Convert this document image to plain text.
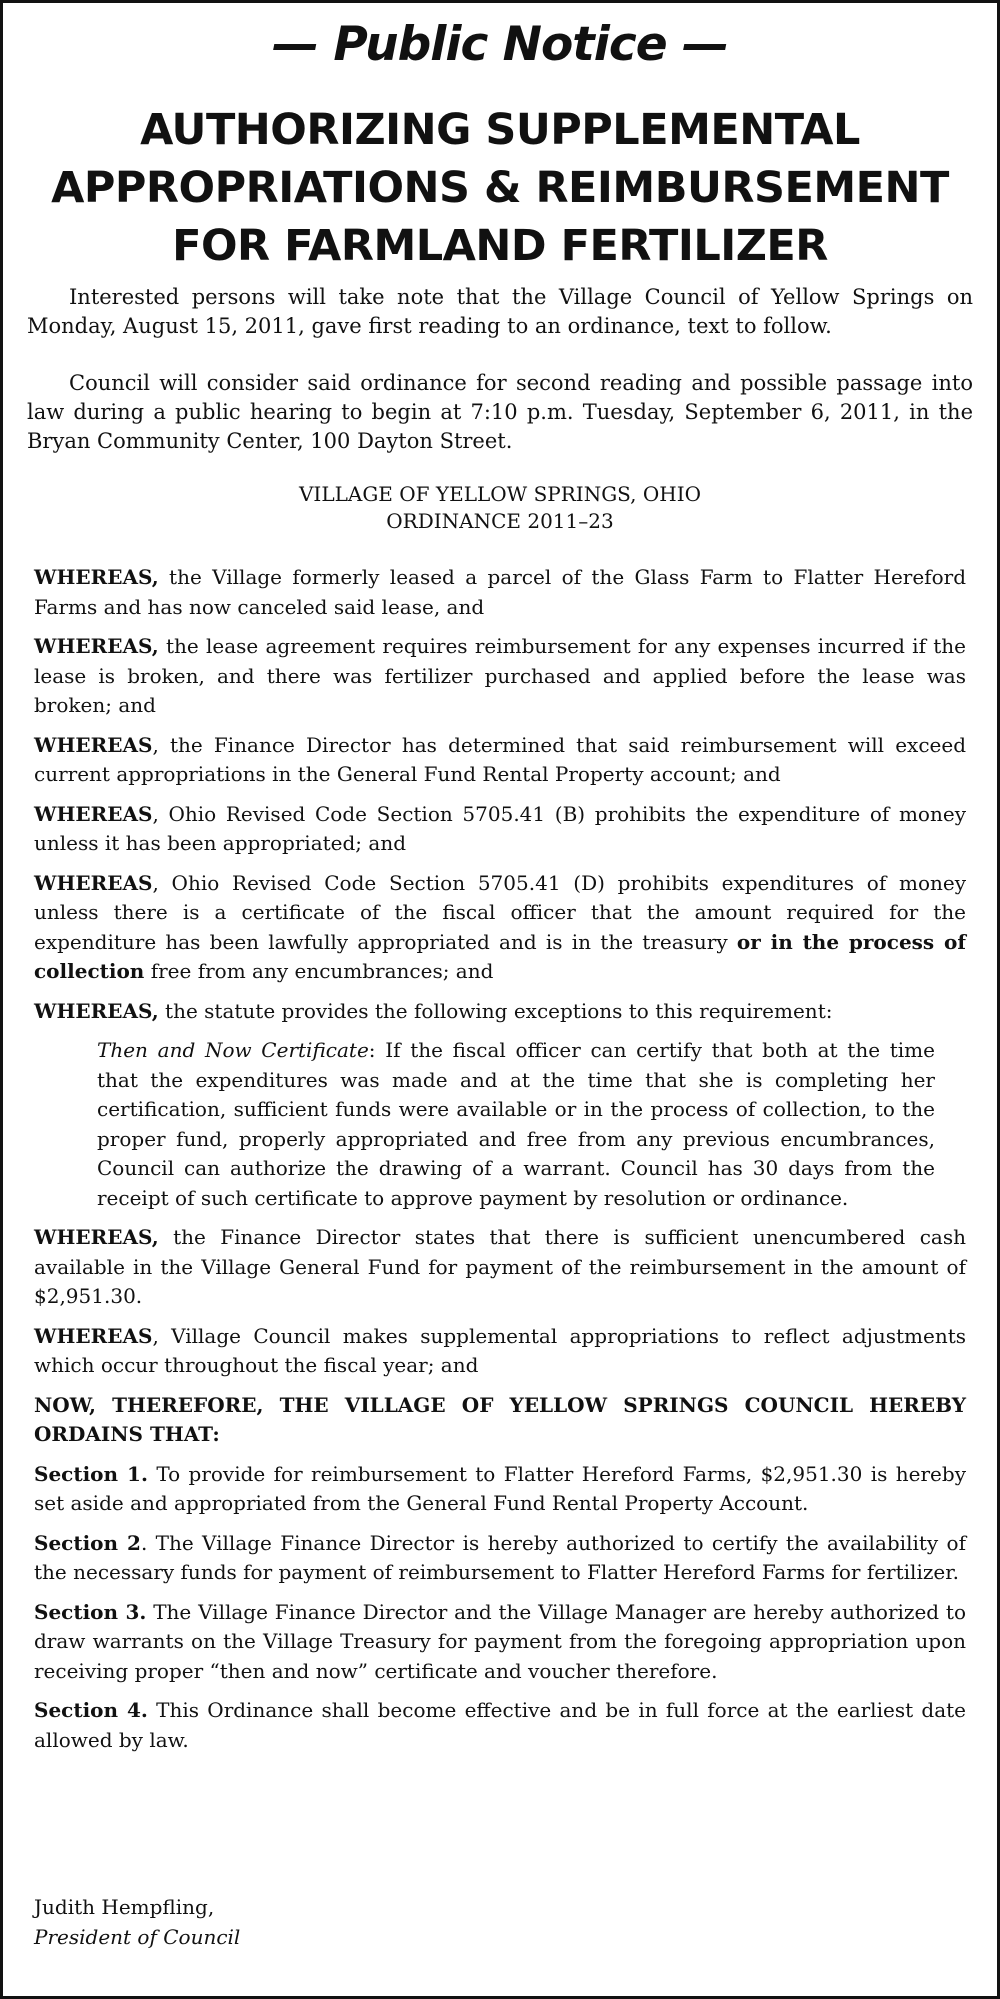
— Public Notice —
AUTHORIZING SUPPLEMENTAL
APPROPRIATIONS & REIMBURSEMENT
FOR FARMLAND FERTILIZER

Interested persons will take note that the Village Council of Yellow Springs on Monday, August 15, 2011, gave first reading to an ordinance, text to follow.

Council will consider said ordinance for second reading and possible passage into law during a public hearing to begin at 7:10 p.m. Tuesday, September 6, 2011, in the Bryan Community Center, 100 Dayton Street.

VILLAGE OF YELLOW SPRINGS, OHIO
ORDINANCE 2011–23

WHEREAS, the Village formerly leased a parcel of the Glass Farm to Flatter Hereford Farms and has now canceled said lease, and

WHEREAS, the lease agreement requires reimbursement for any expenses incurred if the lease is broken, and there was fertilizer purchased and applied before the lease was broken; and

WHEREAS, the Finance Director has determined that said reimbursement will exceed current appropriations in the General Fund Rental Property account; and

WHEREAS, Ohio Revised Code Section 5705.41 (B) prohibits the expenditure of money unless it has been appropriated; and

WHEREAS, Ohio Revised Code Section 5705.41 (D) prohibits expenditures of money unless there is a certificate of the fiscal officer that the amount required for the expenditure has been lawfully appropriated and is in the treasury or in the process of collection free from any encumbrances; and

WHEREAS, the statute provides the following exceptions to this requirement:

Then and Now Certificate: If the fiscal officer can certify that both at the time that the expenditures was made and at the time that she is completing her certification, sufficient funds were available or in the process of collection, to the proper fund, properly appropriated and free from any previous encumbrances, Council can authorize the drawing of a warrant. Council has 30 days from the receipt of such certificate to approve payment by resolution or ordinance.

WHEREAS, the Finance Director states that there is sufficient unencumbered cash available in the Village General Fund for payment of the reimbursement in the amount of $2,951.30.

WHEREAS, Village Council makes supplemental appropriations to reflect adjustments which occur throughout the fiscal year; and

NOW, THEREFORE, THE VILLAGE OF YELLOW SPRINGS COUNCIL HEREBY ORDAINS THAT:

Section 1. To provide for reimbursement to Flatter Hereford Farms, $2,951.30 is hereby set aside and appropriated from the General Fund Rental Property Account.

Section 2. The Village Finance Director is hereby authorized to certify the availability of the necessary funds for payment of reimbursement to Flatter Hereford Farms for fertilizer.

Section 3. The Village Finance Director and the Village Manager are hereby authorized to draw warrants on the Village Treasury for payment from the foregoing appropriation upon receiving proper “then and now” certificate and voucher therefore.

Section 4. This Ordinance shall become effective and be in full force at the earliest date allowed by law.

Judith Hempfling,
President of Council
